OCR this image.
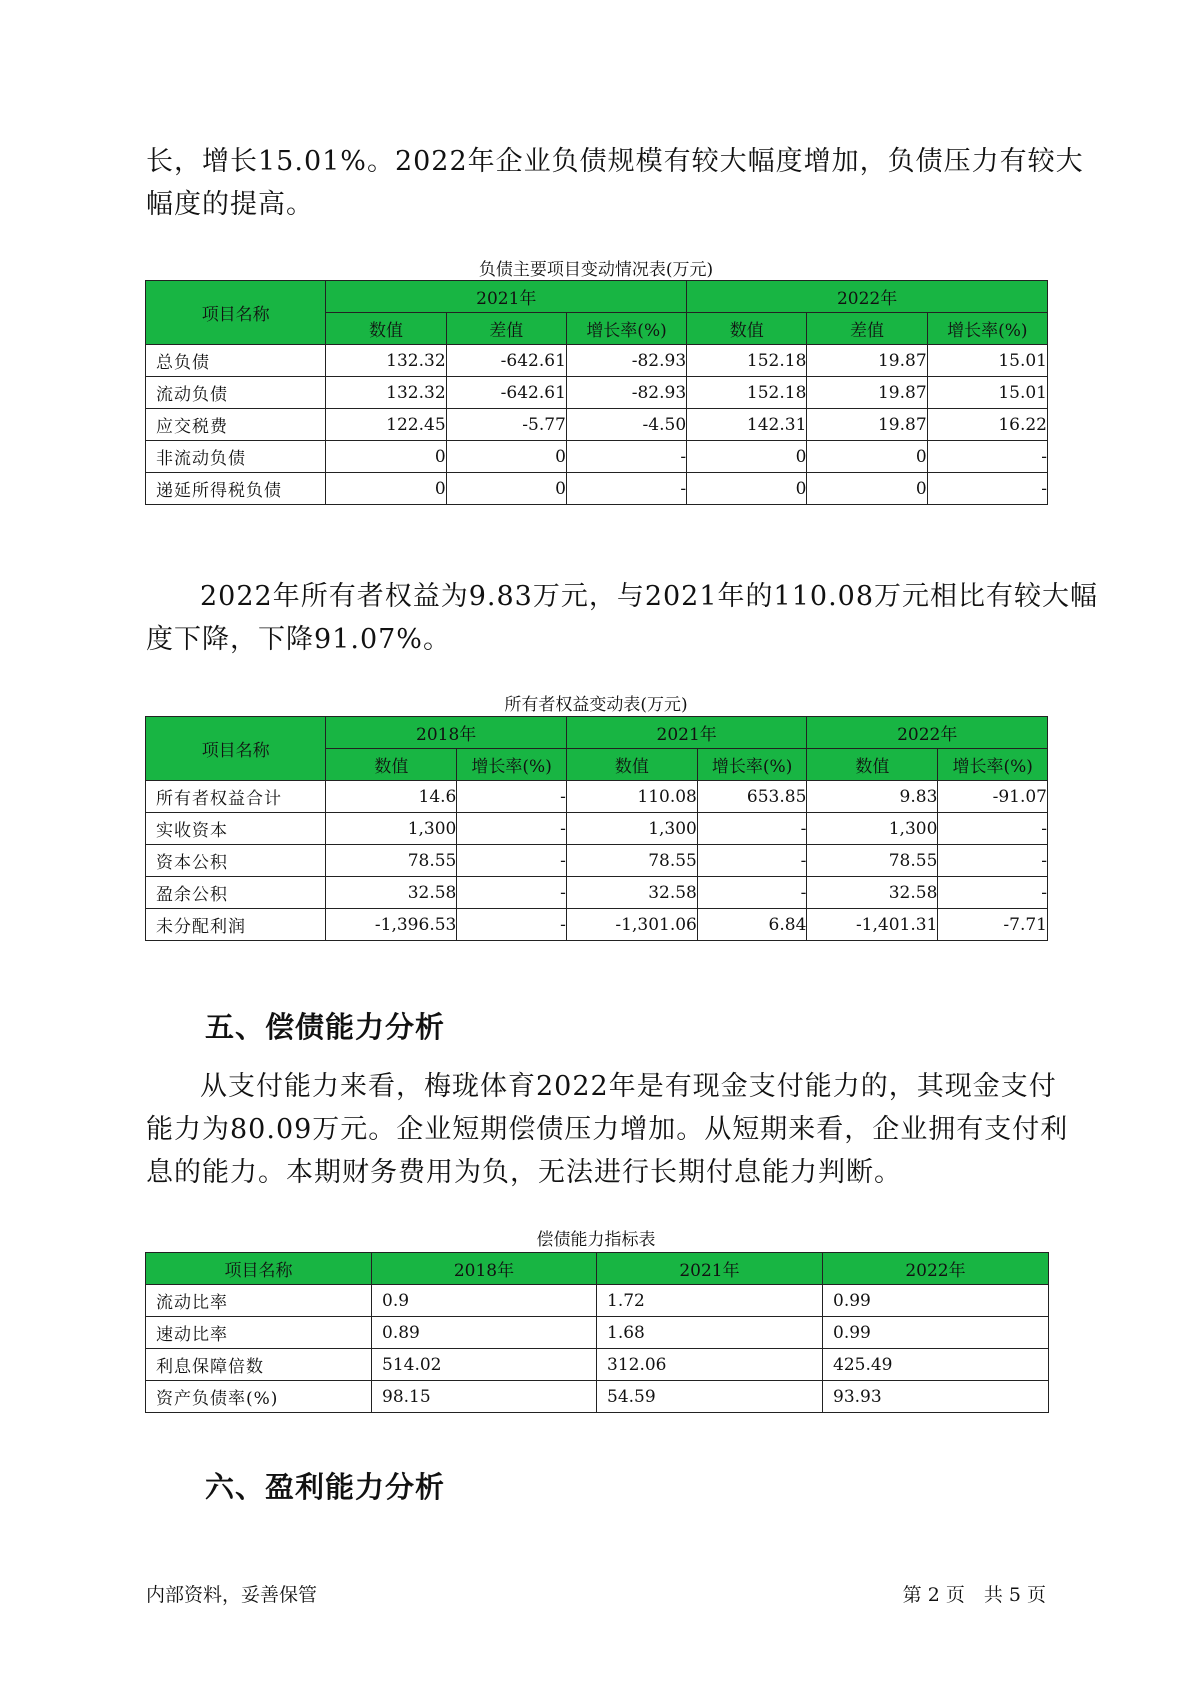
长，增长15.01%。2022年企业负债规模有较大幅度增加，负债压力有较大
幅度的提高。
负债主要项目变动情况表(万元)
项目名称	2021年			2022年		
	数值	差值	增长率(%)	数值	差值	增长率(%)
总负债	132.32	-642.61	-82.93	152.18	19.87	15.01
流动负债	132.32	-642.61	-82.93	152.18	19.87	15.01
应交税费	122.45	-5.77	-4.50	142.31	19.87	16.22
非流动负债	0	0	-	0	0	-
递延所得税负债	0	0	-	0	0	-
2022年所有者权益为9.83万元，与2021年的110.08万元相比有较大幅
度下降，下降91.07%。
所有者权益变动表(万元)
项目名称	2018年		2021年		2022年	
	数值	增长率(%)	数值	增长率(%)	数值	增长率(%)
所有者权益合计	14.6	-	110.08	653.85	9.83	-91.07
实收资本	1,300	-	1,300	-	1,300	-
资本公积	78.55	-	78.55	-	78.55	-
盈余公积	32.58	-	32.58	-	32.58	-
未分配利润	-1,396.53	-	-1,301.06	6.84	-1,401.31	-7.71
五、偿债能力分析
从支付能力来看，梅珑体育2022年是有现金支付能力的，其现金支付
能力为80.09万元。企业短期偿债压力增加。从短期来看，企业拥有支付利
息的能力。本期财务费用为负，无法进行长期付息能力判断。
偿债能力指标表
项目名称	2018年	2021年	2022年
流动比率	0.9	1.72	0.99
速动比率	0.89	1.68	0.99
利息保障倍数	514.02	312.06	425.49
资产负债率(%)	98.15	54.59	93.93
六、盈利能力分析
内部资料，妥善保管	第 2 页　共 5 页
